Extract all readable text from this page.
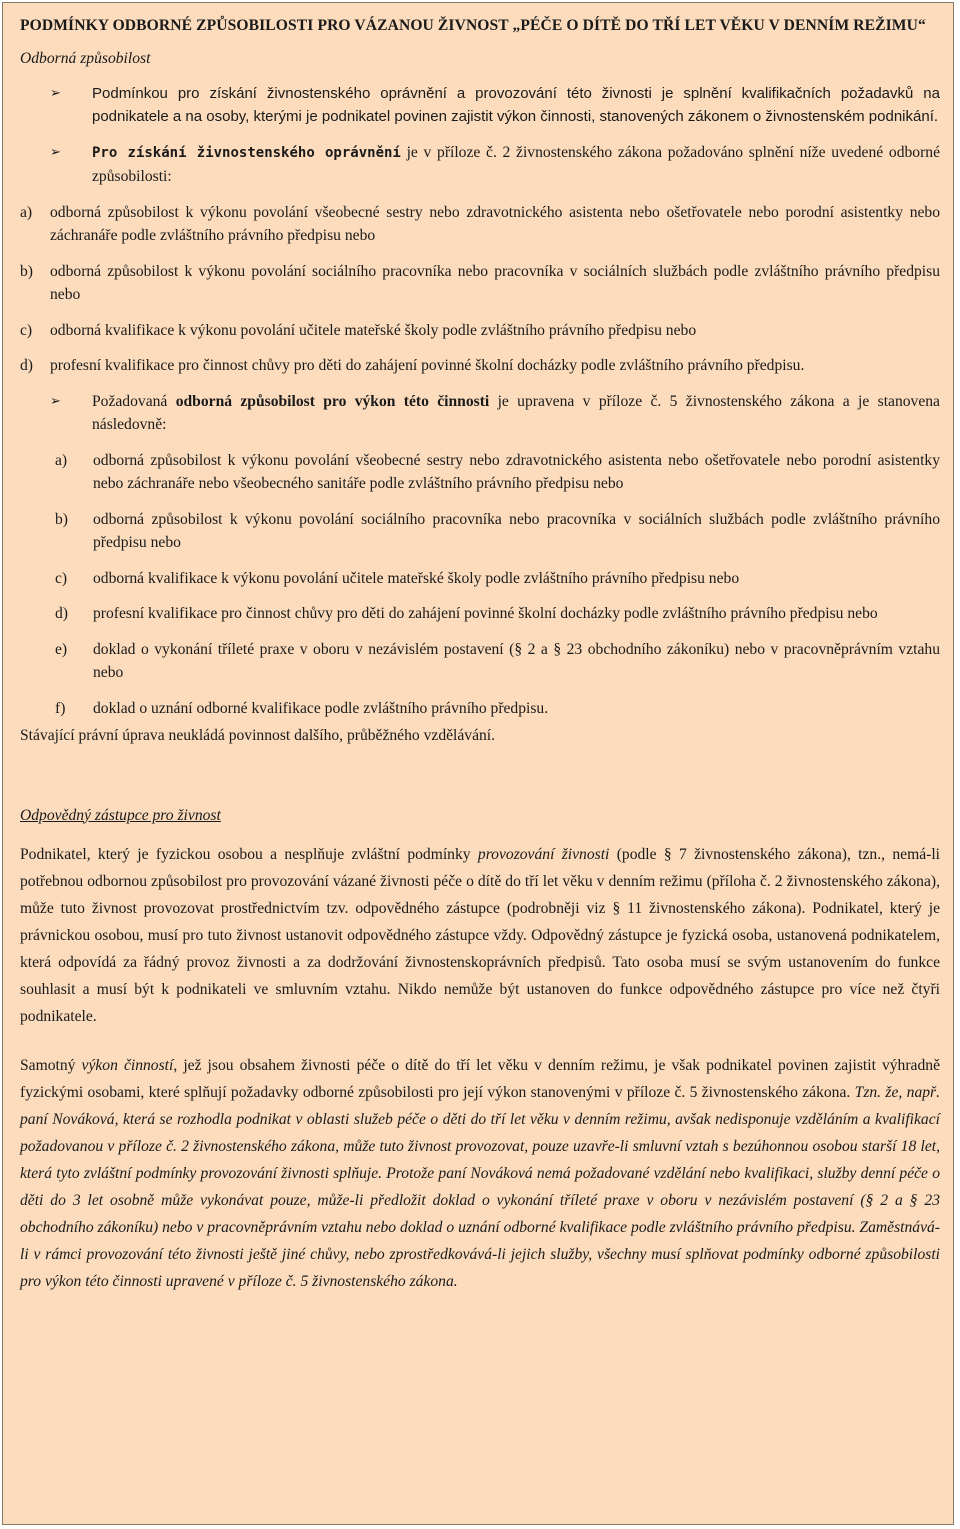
PODMÍNKY ODBORNÉ ZPŮSOBILOSTI PRO VÁZANOU ŽIVNOST „PÉČE O DÍTĚ DO TŘÍ LET VĚKU V DENNÍM REŽIMU“
Odborná způsobilost
➢	Podmínkou pro získání živnostenského oprávnění a provozování této živnosti je splnění kvalifikačních požadavků na podnikatele a na osoby, kterými je podnikatel povinen zajistit výkon činnosti, stanovených zákonem o živnostenském podnikání.
➢	Pro získání živnostenského oprávnění je v příloze č. 2 živnostenského zákona požadováno splnění níže uvedené odborné způsobilosti:
a) odborná způsobilost k výkonu povolání všeobecné sestry nebo zdravotnického asistenta nebo ošetřovatele nebo porodní asistentky nebo záchranáře podle zvláštního právního předpisu nebo
b) odborná způsobilost k výkonu povolání sociálního pracovníka nebo pracovníka v sociálních službách podle zvláštního právního předpisu nebo
c) odborná kvalifikace k výkonu povolání učitele mateřské školy podle zvláštního právního předpisu nebo
d) profesní kvalifikace pro činnost chůvy pro děti do zahájení povinné školní docházky podle zvláštního právního předpisu.
➢	Požadovaná odborná způsobilost pro výkon této činnosti je upravena v příloze č. 5 živnostenského zákona a je stanovena následovně:
a) odborná způsobilost k výkonu povolání všeobecné sestry nebo zdravotnického asistenta nebo ošetřovatele nebo porodní asistentky nebo záchranáře nebo všeobecného sanitáře podle zvláštního právního předpisu nebo
b) odborná způsobilost k výkonu povolání sociálního pracovníka nebo pracovníka v sociálních službách podle zvláštního právního předpisu nebo
c) odborná kvalifikace k výkonu povolání učitele mateřské školy podle zvláštního právního předpisu nebo
d) profesní kvalifikace pro činnost chůvy pro děti do zahájení povinné školní docházky podle zvláštního právního předpisu nebo
e) doklad o vykonání tříleté praxe v oboru v nezávislém postavení (§ 2 a § 23 obchodního zákoníku) nebo v pracovněprávním vztahu nebo
f) doklad o uznání odborné kvalifikace podle zvláštního právního předpisu.
Stávající právní úprava neukládá povinnost dalšího, průběžného vzdělávání.
Odpovědný zástupce pro živnost
Podnikatel, který je fyzickou osobou a nesplňuje zvláštní podmínky provozování živnosti (podle § 7 živnostenského zákona), tzn., nemá-li potřebnou odbornou způsobilost pro provozování vázané živnosti péče o dítě do tří let věku v denním režimu (příloha č. 2 živnostenského zákona), může tuto živnost provozovat prostřednictvím tzv. odpovědného zástupce (podrobněji viz § 11 živnostenského zákona). Podnikatel, který je právnickou osobou, musí pro tuto živnost ustanovit odpovědného zástupce vždy. Odpovědný zástupce je fyzická osoba, ustanovená podnikatelem, která odpovídá za řádný provoz živnosti a za dodržování živnostenskoprávních předpisů. Tato osoba musí se svým ustanovením do funkce souhlasit a musí být k podnikateli ve smluvním vztahu. Nikdo nemůže být ustanoven do funkce odpovědného zástupce pro více než čtyři podnikatele.
Samotný výkon činností, jež jsou obsahem živnosti péče o dítě do tří let věku v denním režimu, je však podnikatel povinen zajistit výhradně fyzickými osobami, které splňují požadavky odborné způsobilosti pro její výkon stanovenými v příloze č. 5 živnostenského zákona. Tzn. že, např. paní Nováková, která se rozhodla podnikat v oblasti služeb péče o děti do tří let věku v denním režimu, avšak nedisponuje vzděláním a kvalifikací požadovanou v příloze č. 2 živnostenského zákona, může tuto živnost provozovat, pouze uzavře-li smluvní vztah s bezúhonnou osobou starší 18 let, která tyto zvláštní podmínky provozování živnosti splňuje. Protože paní Nováková nemá požadované vzdělání nebo kvalifikaci, služby denní péče o děti do 3 let osobně může vykonávat pouze, může-li předložit doklad o vykonání tříleté praxe v oboru v nezávislém postavení (§ 2 a § 23 obchodního zákoníku) nebo v pracovněprávním vztahu nebo doklad o uznání odborné kvalifikace podle zvláštního právního předpisu. Zaměstnává-li v rámci provozování této živnosti ještě jiné chůvy, nebo zprostředkovává-li jejich služby, všechny musí splňovat podmínky odborné způsobilosti pro výkon této činnosti upravené v příloze č. 5 živnostenského zákona.
